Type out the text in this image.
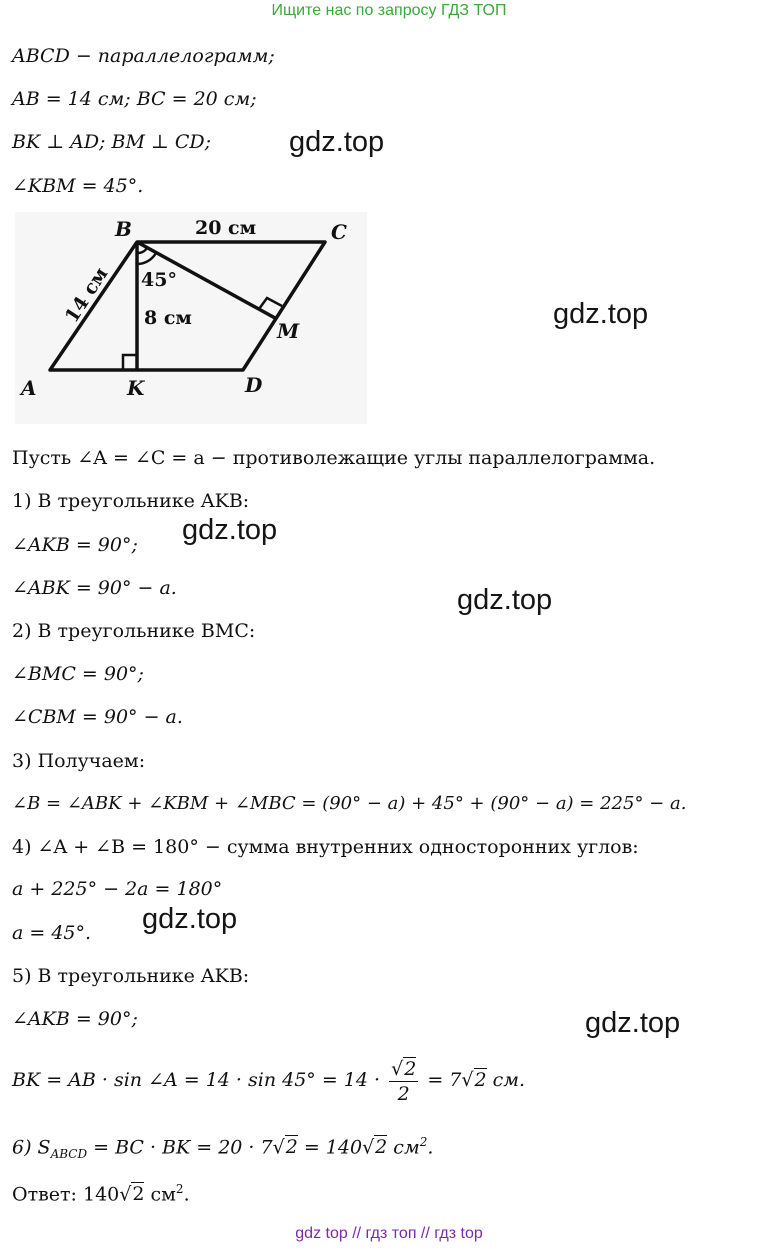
Ищите нас по запросу ГДЗ ТОП
ABCD − параллелограмм;
AB = 14 см; BC = 20 см;
BK ⊥ AD; BM ⊥ CD;
∠KBM = 45°.
B	C
A	K	D
M
20 см
8 см
45°
14 см
Пусть ∠A = ∠C = a − противолежащие углы параллелограмма.
1) В треугольнике AKB:
∠AKB = 90°;
∠ABK = 90° − a.
2) В треугольнике BMC:
∠BMC = 90°;
∠CBM = 90° − a.
3) Получаем:
∠B = ∠ABK + ∠KBM + ∠MBC = (90° − a) + 45° + (90° − a) = 225° − a.
4) ∠A + ∠B = 180° − сумма внутренних односторонних углов:
a + 225° − 2a = 180°
a = 45°.
5) В треугольнике AKB:
∠AKB = 90°;
BK = AB · sin ∠A = $14 \cdot \sin 45^\circ = 14 \cdot \frac{√2}{2} = 7√2$ см.
6) $S_{ABCD}$ = BC · BK = 20 · 7√2 = 140√2 $см^2$.
Ответ: 140√2 $см^2$.
gdz.top
gdz.top
gdz.top
gdz.top
gdz.top
gdz.top
gdz top // гдз топ // гдз top
